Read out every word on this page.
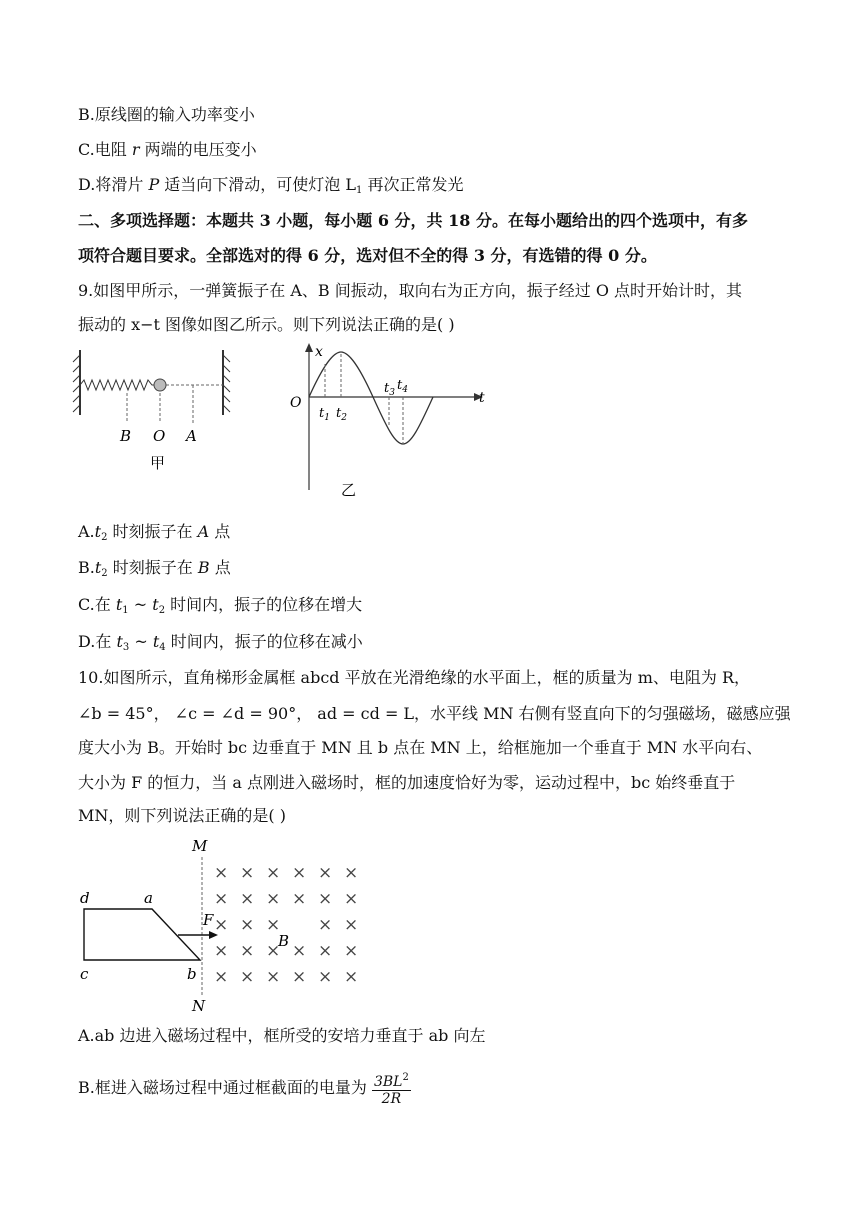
B.原线圈的输入功率变小
C.电阻 r 两端的电压变小
D.将滑片 P 适当向下滑动，可使灯泡 $L_1$ 再次正常发光
二、多项选择题：本题共 3 小题，每小题 6 分，共 18 分。在每小题给出的四个选项中，有多
项符合题目要求。全部选对的得 6 分，选对但不全的得 3 分，有选错的得 0 分。
9.如图甲所示，一弹簧振子在 A、B 间振动，取向右为正方向，振子经过 O 点时开始计时，其
振动的 x−t 图像如图乙所示。则下列说法正确的是( )
B O A
甲
x
t
O
$t_1$ $t_2$
$t_3$ $t_4$
乙
$A.t_2$ 时刻振子在 A 点
$B.t_2$ 时刻振子在 B 点
C.在 $t_1$ ~ $t_2$ 时间内，振子的位移在增大
D.在 $t_3$ ~ $t_4$ 时间内，振子的位移在减小
10.如图所示，直角梯形金属框 abcd 平放在光滑绝缘的水平面上，框的质量为 m、电阻为 R，
∠b = 45°， ∠c = ∠d = 90°， ad = cd = L，水平线 MN 右侧有竖直向下的匀强磁场，磁感应强
度大小为 B。开始时 bc 边垂直于 MN 且 b 点在 MN 上，给框施加一个垂直于 MN 水平向右、
大小为 F 的恒力，当 a 点刚进入磁场时，框的加速度恰好为零，运动过程中，bc 始终垂直于
MN，则下列说法正确的是( )
M
N
d	a
c	b
F
B
× × × × × ×
× × × × × ×
× × × × ×
× × × × × ×
× × × × × ×
A.ab 边进入磁场过程中，框所受的安培力垂直于 ab 向左
B.框进入磁场过程中通过框截面的电量为 $\frac{3BL^2}{2R}$
